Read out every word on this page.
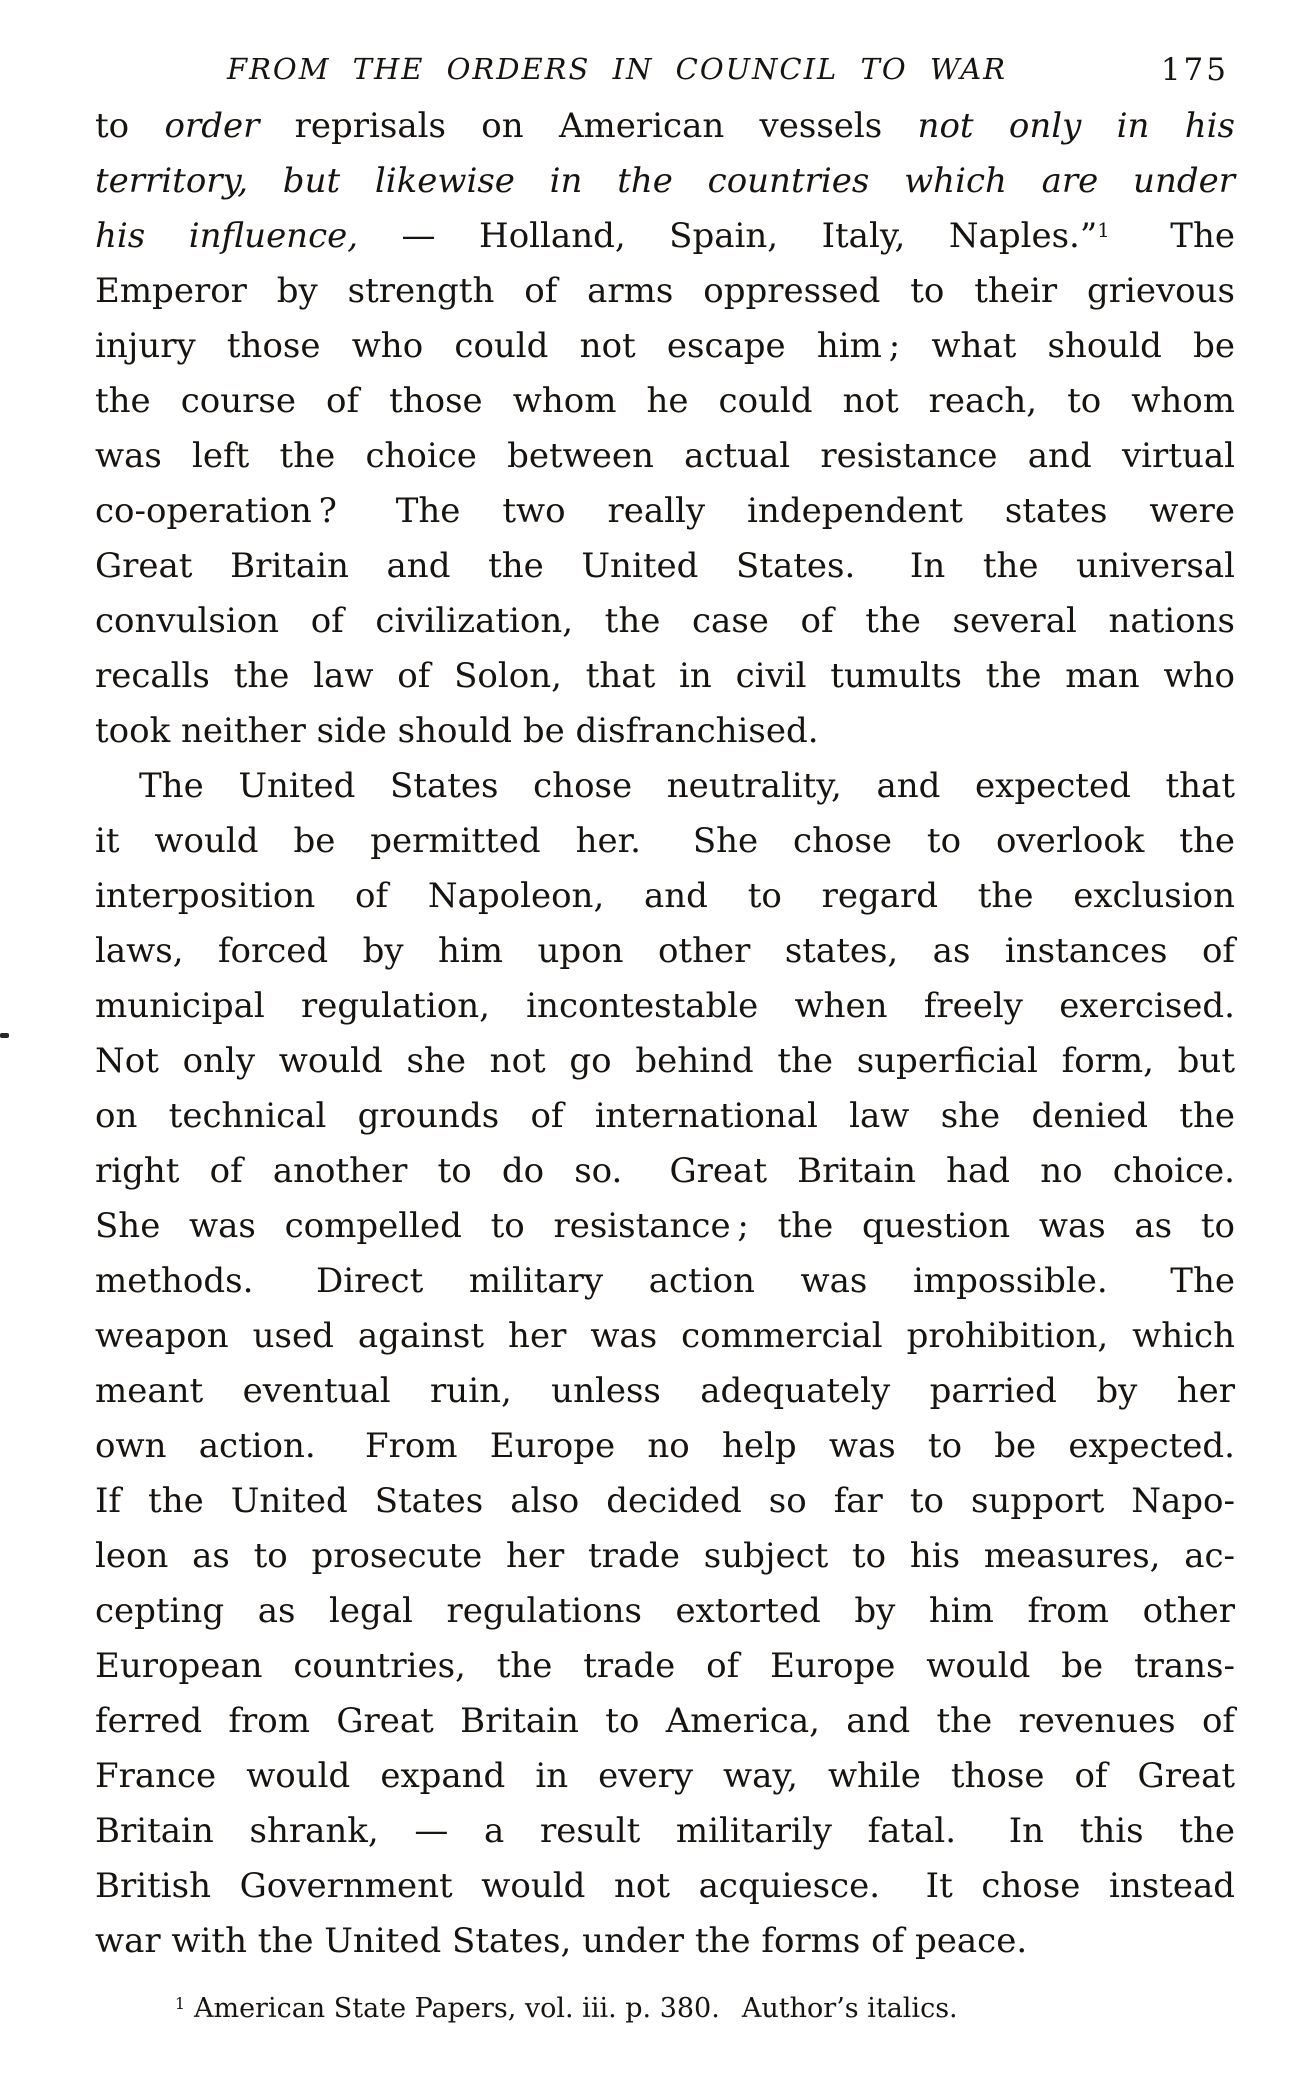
FROM THE ORDERS IN COUNCIL TO WAR	175
to order reprisals on American vessels not only in his
territory, but likewise in the countries which are under
his influence, — Holland, Spain, Italy, Naples.”$^1$  The
Emperor by strength of arms oppressed to their grievous
injury those who could not escape him ; what should be
the course of those whom he could not reach, to whom
was left the choice between actual resistance and virtual
co-operation ?  The two really independent states were
Great Britain and the United States.  In the universal
convulsion of civilization, the case of the several nations
recalls the law of Solon, that in civil tumults the man who
took neither side should be disfranchised.
The United States chose neutrality, and expected that
it would be permitted her.  She chose to overlook the
interposition of Napoleon, and to regard the exclusion
laws, forced by him upon other states, as instances of
municipal regulation, incontestable when freely exercised.
Not only would she not go behind the superficial form, but
on technical grounds of international law she denied the
right of another to do so.  Great Britain had no choice.
She was compelled to resistance ; the question was as to
methods.  Direct military action was impossible.  The
weapon used against her was commercial prohibition, which
meant eventual ruin, unless adequately parried by her
own action.  From Europe no help was to be expected.
If the United States also decided so far to support Napo-
leon as to prosecute her trade subject to his measures, ac-
cepting as legal regulations extorted by him from other
European countries, the trade of Europe would be trans-
ferred from Great Britain to America, and the revenues of
France would expand in every way, while those of Great
Britain shrank, — a result militarily fatal.  In this the
British Government would not acquiesce.  It chose instead
war with the United States, under the forms of peace.
$^1$ American State Papers, vol. iii. p. 380.  Author’s italics.
